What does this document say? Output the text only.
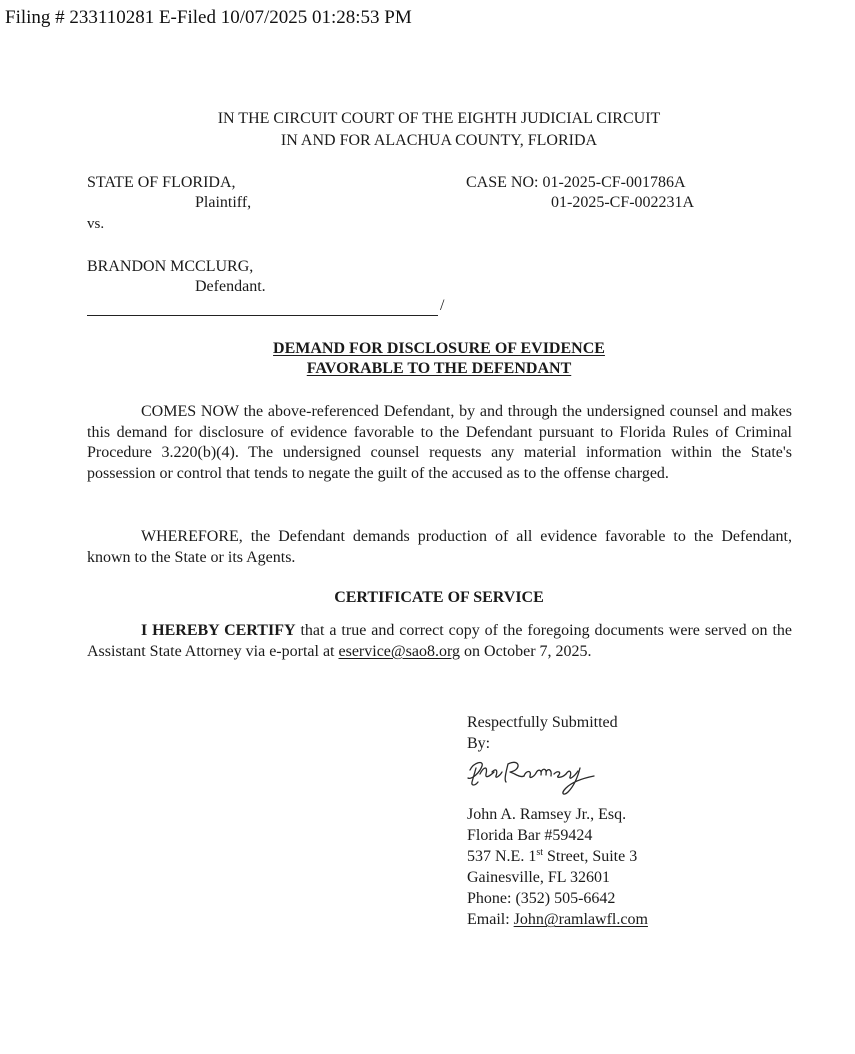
Filing # 233110281 E-Filed 10/07/2025 01:28:53 PM
IN THE CIRCUIT COURT OF THE EIGHTH JUDICIAL CIRCUIT
IN AND FOR ALACHUA COUNTY, FLORIDA
STATE OF FLORIDA,
Plaintiff,
vs.
BRANDON MCCLURG,
Defendant.
/
CASE NO: 01-2025-CF-001786A
01-2025-CF-002231A
DEMAND FOR DISCLOSURE OF EVIDENCE
FAVORABLE TO THE DEFENDANT
COMES NOW the above-referenced Defendant, by and through the undersigned counsel and makes this demand for disclosure of evidence favorable to the Defendant pursuant to Florida Rules of Criminal Procedure 3.220(b)(4). The undersigned counsel requests any material information within the State's possession or control that tends to negate the guilt of the accused as to the offense charged.
WHEREFORE, the Defendant demands production of all evidence favorable to the Defendant, known to the State or its Agents.
CERTIFICATE OF SERVICE
I HEREBY CERTIFY that a true and correct copy of the foregoing documents were served on the Assistant State Attorney via e-portal at eservice@sao8.org on October 7, 2025.
Respectfully Submitted
By:
John Ramsey
John A. Ramsey Jr., Esq.
Florida Bar #59424
537 N.E. 1st Street, Suite 3
Gainesville, FL 32601
Phone: (352) 505-6642
Email: John@ramlawfl.com
